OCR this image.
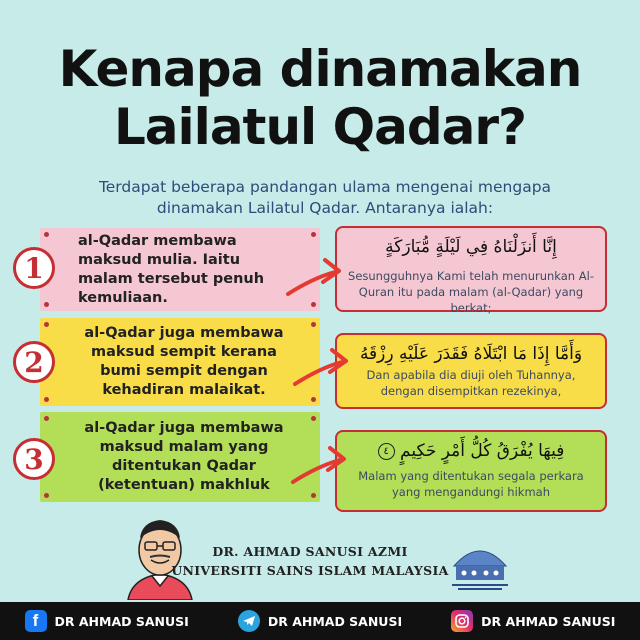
Kenapa dinamakan
Lailatul Qadar?
Terdapat beberapa pandangan ulama mengenai mengapa dinamakan Lailatul Qadar. Antaranya ialah:
al-Qadar membawa maksud mulia. Iaitu malam tersebut penuh kemuliaan.
1
إِنَّا أَنزَلْنَاهُ فِي لَيْلَةٍ مُّبَارَكَةٍ
Sesungguhnya Kami telah menurunkan Al-Quran itu pada malam (al-Qadar) yang berkat;
al-Qadar juga membawa maksud sempit kerana bumi sempit dengan kehadiran malaikat.
2	وَأَمَّا إِذَا مَا ابْتَلَاهُ فَقَدَرَ عَلَيْهِ رِزْقَهُ
Dan apabila dia diuji oleh Tuhannya, dengan disempitkan rezekinya,
al-Qadar juga membawa maksud malam yang ditentukan Qadar (ketentuan) makhluk
3	فِيهَا يُفْرَقُ كُلُّ أَمْرٍ حَكِيمٍ ٤
Malam yang ditentukan segala perkara yang mengandungi hikmah
DR. AHMAD SANUSI AZMI
UNIVERSITI SAINS ISLAM MALAYSIA
f	DR AHMAD SANUSI	DR AHMAD SANUSI	DR AHMAD SANUSI
